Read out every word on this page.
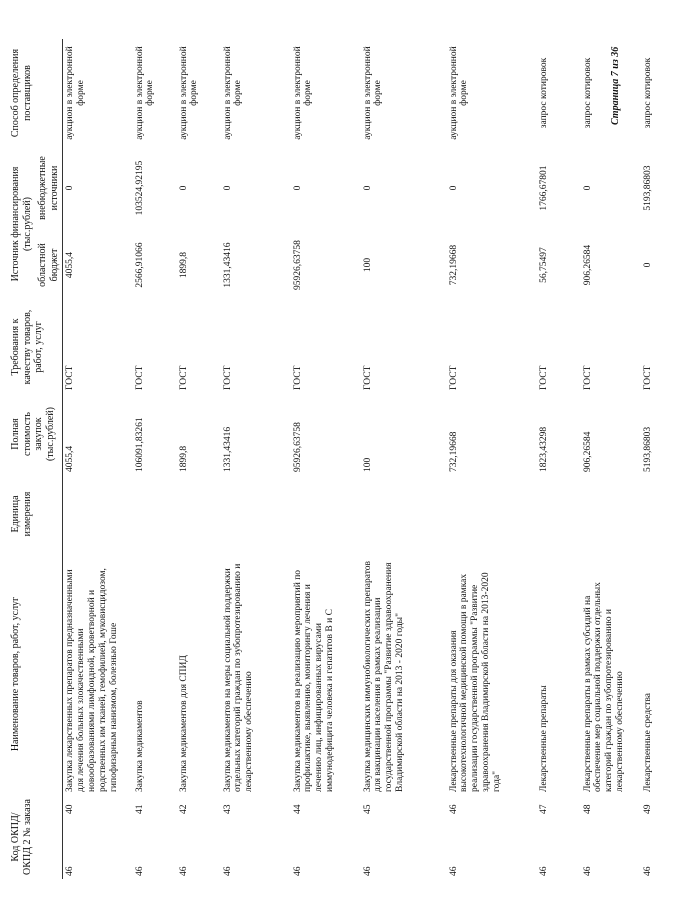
Код ОКПД/ ОКПД 2 № заказа		Наименование товаров, работ, услуг	Единица измерения	Полная стоимость закупок (тыс.рублей)	Требования к качеству товаров, работ, услуг	Источник финансирования (тыс.рублей)		Способ определения поставщиков
						областной бюджет	внебюджетные источники	
46	40	Закупка лекарственных препаратов предназначенными для лечения больных злокачественными новообразованиями лимфоидной, кроветворной и родственных им тканей, гемофилией, муковисцидозом, гипофизарным нанизмом, болезнью Гоше		4055,4	ГОСТ	4055,4	0	аукцион в электронной форме
46	41	Закупка медикаментов		106091,83261	ГОСТ	2566,91066	103524,92195	аукцион в электронной форме
46	42	Закупка медикаментов для СПИД		1899,8	ГОСТ	1899,8	0	аукцион в электронной форме
46	43	Закупка медикаментов на меры социальной поддержки отдельных категорий граждан по зубопротезированию и лекарственному обеспечению		1331,43416	ГОСТ	1331,43416	0	аукцион в электронной форме
46	44	Закупка медикаментов на реализацию мероприятий по профилактике, выявлению, мониторингу лечения и лечению лиц, инфицированных вирусами иммунодефицита человека и гепатитов В и С		95926,63758	ГОСТ	95926,63758	0	аукцион в электронной форме
46	45	Закупка медицинских иммунобиологических препаратов для вакцинации населения в рамках реализации государственной программы "Развитие здравоохранения Владимирской области на 2013 - 2020 годы"		100	ГОСТ	100	0	аукцион в электронной форме
46	46	Лекарственные препараты для оказания высокотехнологичной медицинской помощи в рамках реализации государственной программы "Развитие здравоохранения Владимирской области на 2013-2020 года"		732,19668	ГОСТ	732,19668	0	аукцион в электронной форме
46	47	Лекарственные препараты		1823,43298	ГОСТ	56,75497	1766,67801	запрос котировок
46	48	Лекарственные препараты в рамках субсидий на обеспечение мер социальной поддержки отдельных категорий граждан по зубопротезированию и лекарственному обеспечению		906,26584	ГОСТ	906,26584	0	запрос котировок
46	49	Лекарственные средства		5193,86803	ГОСТ	0	5193,86803	запрос котировок
Страница 7 из 36
